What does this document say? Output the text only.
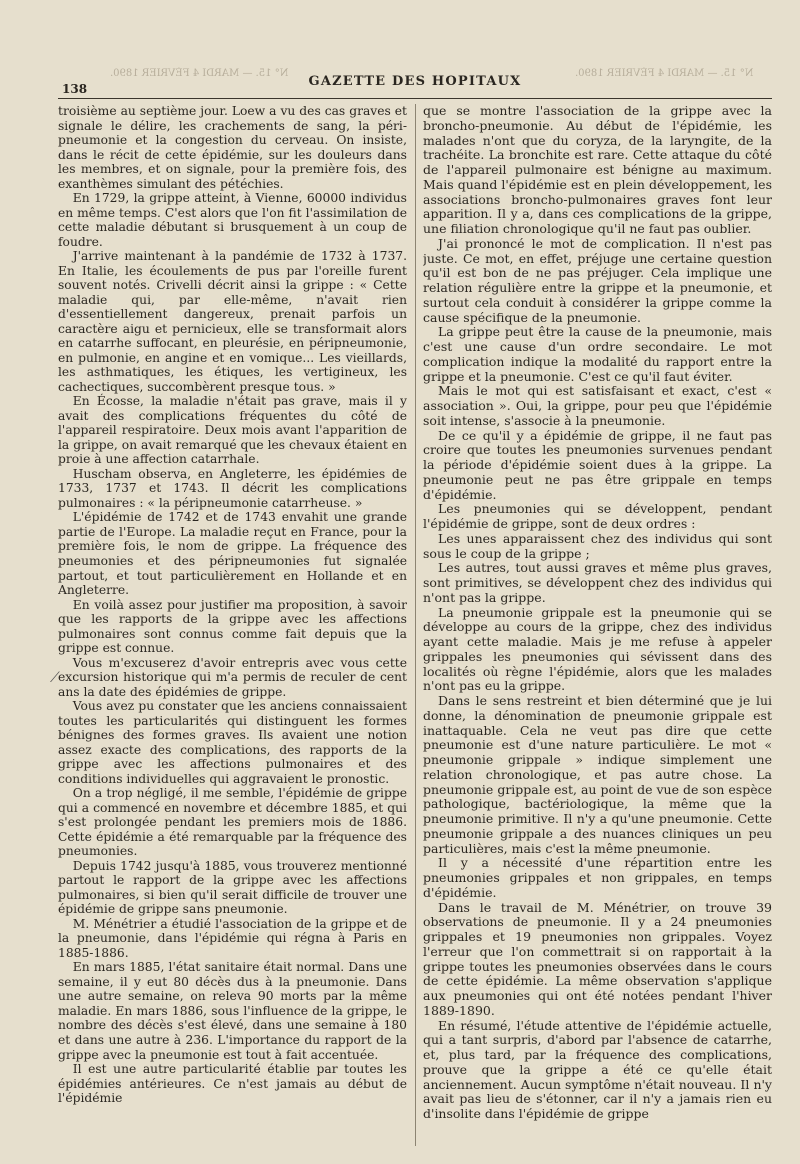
N° 15. — MARDI 4 FÉVRIER 1890.	N° 15. — MARDI 4 FÉVRIER 1890.
138	GAZETTE DES HOPITAUX
⟋

troisième au septième jour. Loew a vu des cas graves et signale le délire, les crachements de sang, la péri-pneumonie et la congestion du cerveau. On insiste, dans le récit de cette épidémie, sur les douleurs dans les membres, et on signale, pour la première fois, des exanthèmes simulant des pétéchies.

En 1729, la grippe atteint, à Vienne, 60000 individus en même temps. C'est alors que l'on fit l'assimilation de cette maladie débutant si brusquement à un coup de foudre.

J'arrive maintenant à la pandémie de 1732 à 1737. En Italie, les écoulements de pus par l'oreille furent souvent notés. Crivelli décrit ainsi la grippe : « Cette maladie qui, par elle-même, n'avait rien d'essentiellement dangereux, prenait parfois un caractère aigu et pernicieux, elle se transformait alors en catarrhe suffocant, en pleurésie, en péripneumonie, en pulmonie, en angine et en vomique... Les vieillards, les asthmatiques, les étiques, les vertigineux, les cachectiques, succombèrent presque tous. »

En Écosse, la maladie n'était pas grave, mais il y avait des complications fréquentes du côté de l'appareil respiratoire. Deux mois avant l'apparition de la grippe, on avait remarqué que les chevaux étaient en proie à une affection catarrhale.

Huscham observa, en Angleterre, les épidémies de 1733, 1737 et 1743. Il décrit les complications pulmonaires : « la péripneumonie catarrheuse. »

L'épidémie de 1742 et de 1743 envahit une grande partie de l'Europe. La maladie reçut en France, pour la première fois, le nom de grippe. La fréquence des pneumonies et des péripneumonies fut signalée partout, et tout particulièrement en Hollande et en Angleterre.

En voilà assez pour justifier ma proposition, à savoir que les rapports de la grippe avec les affections pulmonaires sont connus comme fait depuis que la grippe est connue.

Vous m'excuserez d'avoir entrepris avec vous cette excursion historique qui m'a permis de reculer de cent ans la date des épidémies de grippe.

Vous avez pu constater que les anciens connaissaient toutes les particularités qui distinguent les formes bénignes des formes graves. Ils avaient une notion assez exacte des complications, des rapports de la grippe avec les affections pulmonaires et des conditions individuelles qui aggravaient le pronostic.

On a trop négligé, il me semble, l'épidémie de grippe qui a commencé en novembre et décembre 1885, et qui s'est prolongée pendant les premiers mois de 1886. Cette épidémie a été remarquable par la fréquence des pneumonies.

Depuis 1742 jusqu'à 1885, vous trouverez mentionné partout le rapport de la grippe avec les affections pulmonaires, si bien qu'il serait difficile de trouver une épidémie de grippe sans pneumonie.

M. Ménétrier a étudié l'association de la grippe et de la pneumonie, dans l'épidémie qui régna à Paris en 1885-1886.

En mars 1885, l'état sanitaire était normal. Dans une semaine, il y eut 80 décès dus à la pneumonie. Dans une autre semaine, on releva 90 morts par la même maladie. En mars 1886, sous l'influence de la grippe, le nombre des décès s'est élevé, dans une semaine à 180 et dans une autre à 236. L'importance du rapport de la grippe avec la pneumonie est tout à fait accentuée.

Il est une autre particularité établie par toutes les épidémies antérieures. Ce n'est jamais au début de l'épidémie

que se montre l'association de la grippe avec la broncho-pneumonie. Au début de l'épidémie, les malades n'ont que du coryza, de la laryngite, de la trachéite. La bronchite est rare. Cette attaque du côté de l'appareil pulmonaire est bénigne au maximum. Mais quand l'épidémie est en plein développement, les associations broncho-pulmonaires graves font leur apparition. Il y a, dans ces complications de la grippe, une filiation chronologique qu'il ne faut pas oublier.

J'ai prononcé le mot de complication. Il n'est pas juste. Ce mot, en effet, préjuge une certaine question qu'il est bon de ne pas préjuger. Cela implique une relation régulière entre la grippe et la pneumonie, et surtout cela conduit à considérer la grippe comme la cause spécifique de la pneumonie.

La grippe peut être la cause de la pneumonie, mais c'est une cause d'un ordre secondaire. Le mot complication indique la modalité du rapport entre la grippe et la pneumonie. C'est ce qu'il faut éviter.

Mais le mot qui est satisfaisant et exact, c'est « association ». Oui, la grippe, pour peu que l'épidémie soit intense, s'associe à la pneumonie.

De ce qu'il y a épidémie de grippe, il ne faut pas croire que toutes les pneumonies survenues pendant la période d'épidémie soient dues à la grippe. La pneumonie peut ne pas être grippale en temps d'épidémie.

Les pneumonies qui se développent, pendant l'épidémie de grippe, sont de deux ordres :

Les unes apparaissent chez des individus qui sont sous le coup de la grippe ;

Les autres, tout aussi graves et même plus graves, sont primitives, se développent chez des individus qui n'ont pas la grippe.

La pneumonie grippale est la pneumonie qui se développe au cours de la grippe, chez des individus ayant cette maladie. Mais je me refuse à appeler grippales les pneumonies qui sévissent dans des localités où règne l'épidémie, alors que les malades n'ont pas eu la grippe.

Dans le sens restreint et bien déterminé que je lui donne, la dénomination de pneumonie grippale est inattaquable. Cela ne veut pas dire que cette pneumonie est d'une nature particulière. Le mot « pneumonie grippale » indique simplement une relation chronologique, et pas autre chose. La pneumonie grippale est, au point de vue de son espèce pathologique, bactériologique, la même que la pneumonie primitive. Il n'y a qu'une pneumonie. Cette pneumonie grippale a des nuances cliniques un peu particulières, mais c'est la même pneumonie.

Il y a nécessité d'une répartition entre les pneumonies grippales et non grippales, en temps d'épidémie.

Dans le travail de M. Ménétrier, on trouve 39 observations de pneumonie. Il y a 24 pneumonies grippales et 19 pneumonies non grippales. Voyez l'erreur que l'on commettrait si on rapportait à la grippe toutes les pneumonies observées dans le cours de cette épidémie. La même observation s'applique aux pneumonies qui ont été notées pendant l'hiver 1889-1890.

En résumé, l'étude attentive de l'épidémie actuelle, qui a tant surpris, d'abord par l'absence de catarrhe, et, plus tard, par la fréquence des complications, prouve que la grippe a été ce qu'elle était anciennement. Aucun symptôme n'était nouveau. Il n'y avait pas lieu de s'étonner, car il n'y a jamais rien eu d'insolite dans l'épidémie de grippe
